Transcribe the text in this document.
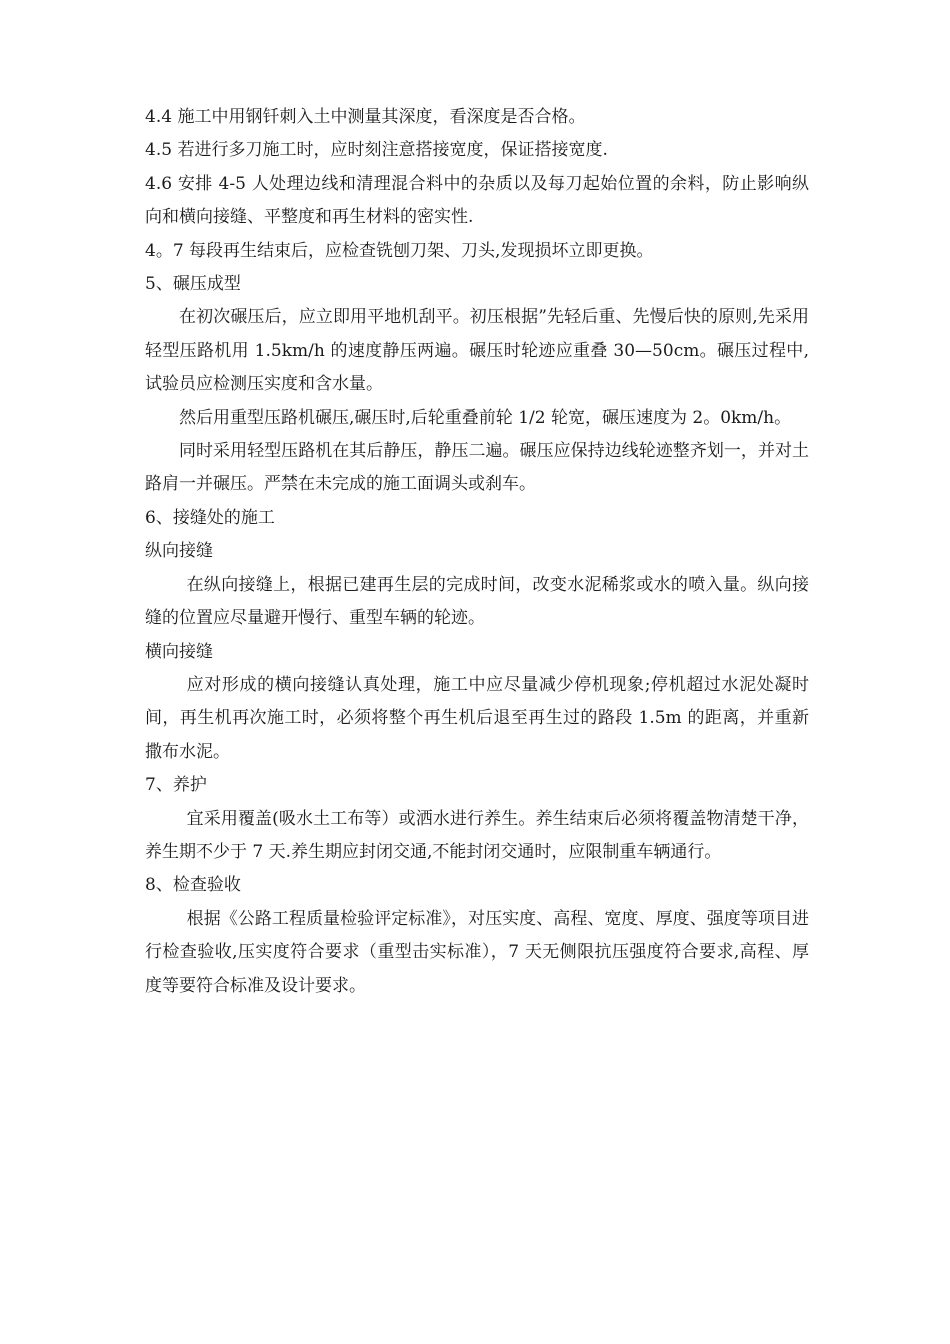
4.4 施工中用钢钎刺入土中测量其深度，看深度是否合格。

4.5 若进行多刀施工时，应时刻注意搭接宽度，保证搭接宽度.

4.6 安排 4-5 人处理边线和清理混合料中的杂质以及每刀起始位置的余料，防止影响纵向和横向接缝、平整度和再生材料的密实性.

4。7 每段再生结束后，应检查铣刨刀架、刀头,发现损坏立即更换。

5、碾压成型

在初次碾压后，应立即用平地机刮平。初压根据”先轻后重、先慢后快的原则,先采用轻型压路机用 1.5km/h 的速度静压两遍。碾压时轮迹应重叠 30—50cm。碾压过程中,试验员应检测压实度和含水量。

然后用重型压路机碾压,碾压时,后轮重叠前轮 1/2 轮宽，碾压速度为 2。0km/h。

同时采用轻型压路机在其后静压，静压二遍。碾压应保持边线轮迹整齐划一，并对土路肩一并碾压。严禁在未完成的施工面调头或刹车。

6、接缝处的施工

纵向接缝

在纵向接缝上，根据已建再生层的完成时间，改变水泥稀浆或水的喷入量。纵向接缝的位置应尽量避开慢行、重型车辆的轮迹。

横向接缝

应对形成的横向接缝认真处理，施工中应尽量减少停机现象;停机超过水泥处凝时间，再生机再次施工时，必须将整个再生机后退至再生过的路段 1.5m 的距离，并重新撒布水泥。

7、养护

宜采用覆盖(吸水土工布等）或洒水进行养生。养生结束后必须将覆盖物清楚干净，养生期不少于 7 天.养生期应封闭交通,不能封闭交通时，应限制重车辆通行。

8、检查验收

根据《公路工程质量检验评定标准》，对压实度、高程、宽度、厚度、强度等项目进行检查验收,压实度符合要求（重型击实标准），7 天无侧限抗压强度符合要求,高程、厚度等要符合标准及设计要求。
